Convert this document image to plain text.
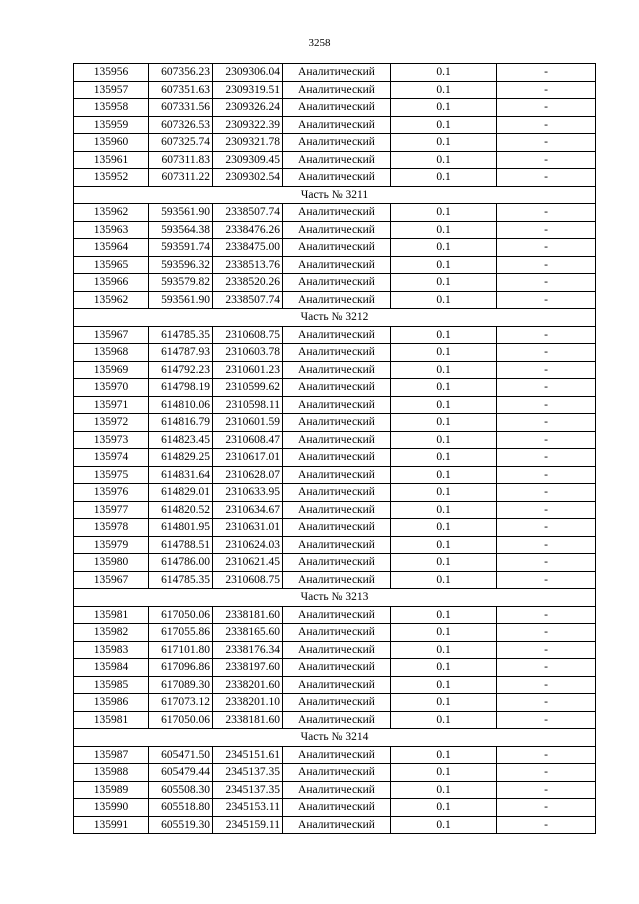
3258
135956	607356.23	2309306.04	Аналитический	0.1	-
135957	607351.63	2309319.51	Аналитический	0.1	-
135958	607331.56	2309326.24	Аналитический	0.1	-
135959	607326.53	2309322.39	Аналитический	0.1	-
135960	607325.74	2309321.78	Аналитический	0.1	-
135961	607311.83	2309309.45	Аналитический	0.1	-
135952	607311.22	2309302.54	Аналитический	0.1	-
Часть № 3211					
135962	593561.90	2338507.74	Аналитический	0.1	-
135963	593564.38	2338476.26	Аналитический	0.1	-
135964	593591.74	2338475.00	Аналитический	0.1	-
135965	593596.32	2338513.76	Аналитический	0.1	-
135966	593579.82	2338520.26	Аналитический	0.1	-
135962	593561.90	2338507.74	Аналитический	0.1	-
Часть № 3212					
135967	614785.35	2310608.75	Аналитический	0.1	-
135968	614787.93	2310603.78	Аналитический	0.1	-
135969	614792.23	2310601.23	Аналитический	0.1	-
135970	614798.19	2310599.62	Аналитический	0.1	-
135971	614810.06	2310598.11	Аналитический	0.1	-
135972	614816.79	2310601.59	Аналитический	0.1	-
135973	614823.45	2310608.47	Аналитический	0.1	-
135974	614829.25	2310617.01	Аналитический	0.1	-
135975	614831.64	2310628.07	Аналитический	0.1	-
135976	614829.01	2310633.95	Аналитический	0.1	-
135977	614820.52	2310634.67	Аналитический	0.1	-
135978	614801.95	2310631.01	Аналитический	0.1	-
135979	614788.51	2310624.03	Аналитический	0.1	-
135980	614786.00	2310621.45	Аналитический	0.1	-
135967	614785.35	2310608.75	Аналитический	0.1	-
Часть № 3213					
135981	617050.06	2338181.60	Аналитический	0.1	-
135982	617055.86	2338165.60	Аналитический	0.1	-
135983	617101.80	2338176.34	Аналитический	0.1	-
135984	617096.86	2338197.60	Аналитический	0.1	-
135985	617089.30	2338201.60	Аналитический	0.1	-
135986	617073.12	2338201.10	Аналитический	0.1	-
135981	617050.06	2338181.60	Аналитический	0.1	-
Часть № 3214					
135987	605471.50	2345151.61	Аналитический	0.1	-
135988	605479.44	2345137.35	Аналитический	0.1	-
135989	605508.30	2345137.35	Аналитический	0.1	-
135990	605518.80	2345153.11	Аналитический	0.1	-
135991	605519.30	2345159.11	Аналитический	0.1	-
